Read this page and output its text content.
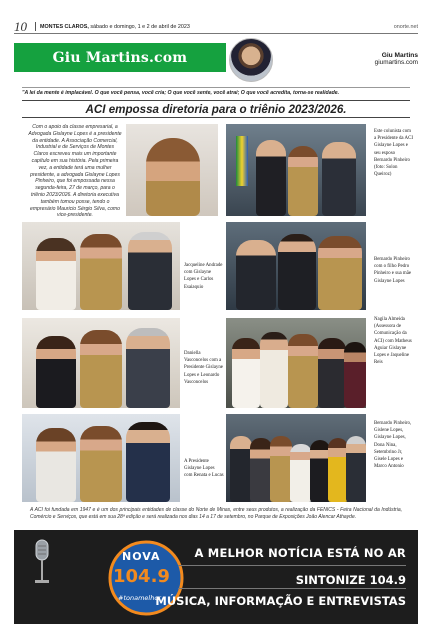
10 MONTES CLAROS, sábado e domingo, 1 e 2 de abril de 2023	onorte.net
Giu Martins.com	Giu Martins
giumartins.com
"A lei da mente é implacável. O que você pensa, você cria; O que você sente, você atrai; O que você acredita, torna-se realidade.
ACI empossa diretoria para o triênio 2023/2026.
Com o apoio da classe empresarial, a Advogada Gislayne Lopes é a presidente da entidade. A Associação Comercial, Industrial e de Serviços de Montes Claros escreveu mais um importante capítulo em sua história. Pela primeira vez, a entidade terá uma mulher presidente, a advogada Gislayne Lopes Pinheiro, que foi empossada nessa segunda-feira, 27 de março, para o triênio 2023/2026. A diretoria executiva também tomou posse, tendo o empresário Mauricio Sérgio Silva, como vice-presidente.
Este colunista com a Presidente da ACI Gislayne Lopes e seu esposo Bernardo Pinheiro (foto: Solon Queiroz)
Jacqueline Andrade com Gislayne Lopes e Carlos Esaiaquio
Bernardo Pinheiro com o filho Pedro Pinheiro e sua mãe Gislayne Lopes
Daniella Vasconcelos com a Presidente Gislayne Lopes e Leonardo Vasconcelos
Nagila Almeida (Assessora de Comunicação da ACI) com Matheus Aguiar Gislayne Lopes e Jaqueline Reis
A Presidente Gislayne Lopes com Renata e Lucas
Bernardo Pinheiro, Gislene Lopes, Gislayne Lopes, Dona Nina, Setembrino Jr, Gisele Lopes e Marco Antonio
A ACI foi fundada em 1947 e é um dos principais entidades de classe do Norte de Minas, entre seus produtos, a realização da FENICS - Feira Nacional da Indústria, Comércio e Serviços, que está em sua 28ª edição e será realizada nos dias 14 a 17 de setembro, no Parque de Exposições João Alencar Athayde.
NOVA
104.9
#tonamelhor
A MELHOR NOTÍCIA ESTÁ NO AR
SINTONIZE 104.9
MÚSICA, INFORMAÇÃO E ENTREVISTAS
